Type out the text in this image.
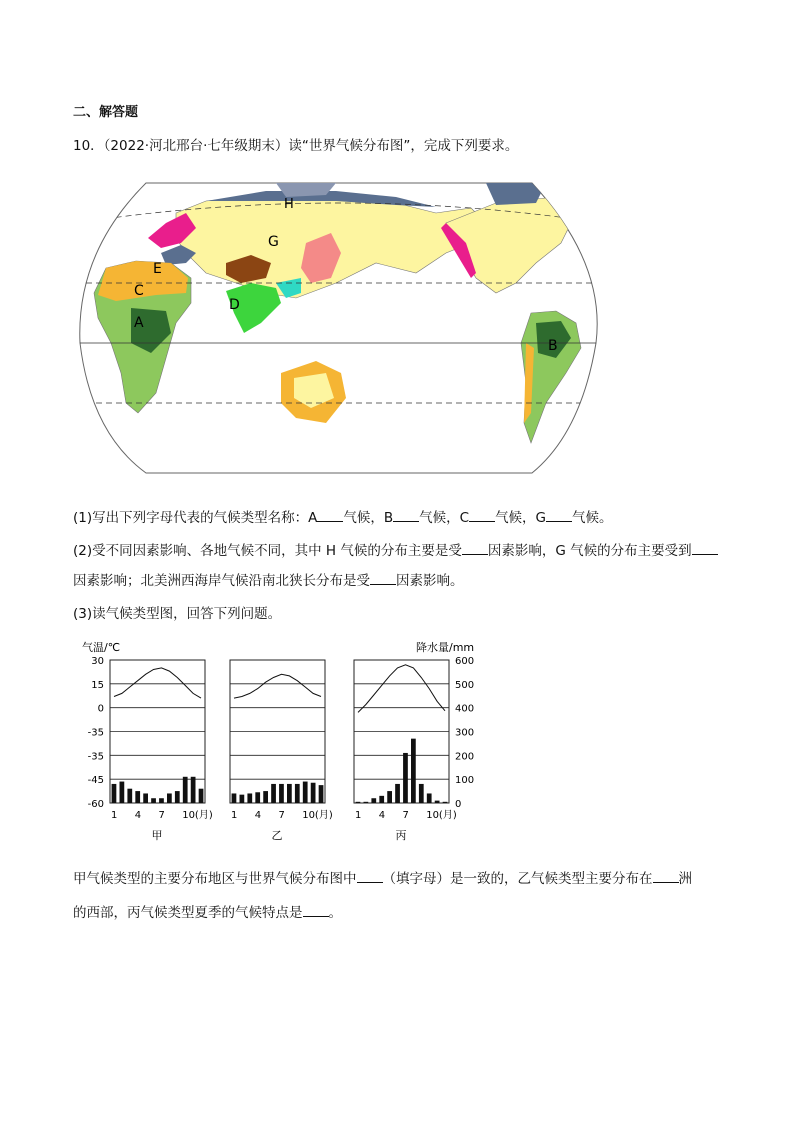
二、解答题
10．（2022·河北邢台·七年级期末）读“世界气候分布图”，完成下列要求。
H
G
E
C
A
D
B
(1)写出下列字母代表的气候类型名称：A 气候，B 气候，C 气候，G 气候。
(2)受不同因素影响、各地气候不同，其中 H 气候的分布主要是受 因素影响，G 气候的分布主要受到
因素影响；北美洲西海岸气候沿南北狭长分布是受 因素影响。
(3)读气候类型图，回答下列问题。
气温/℃	降水量/mm
30
15
0
-35
-35
-45
-60
600
500
400
300
200
100
0
1 4 7 10(月)
甲
1 4 7 10(月)
乙
1 4 7 10(月)
丙
甲气候类型的主要分布地区与世界气候分布图中 （填字母）是一致的，乙气候类型主要分布在 洲
的西部，丙气候类型夏季的气候特点是 。
